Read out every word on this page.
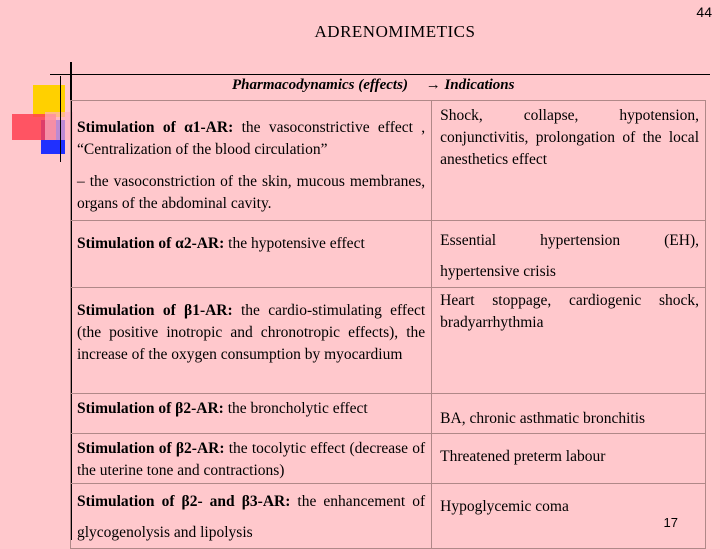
44
ADRENOMIMETICS
Pharmacodynamics (effects) → Indications
Stimulation of α1-AR: the vasoconstrictive effect , “Centralization of the blood circulation”
– the vasoconstriction of the skin, mucous membranes, organs of the abdominal cavity.	Shock, collapse, hypotension, conjunctivitis, prolongation of the local anesthetics effect
Stimulation of α2-AR: the hypotensive effect	Essential hypertension (EH), hypertensive crisis
Stimulation of β1-AR: the cardio-stimulating effect (the positive inotropic and chronotropic effects), the increase of the oxygen consumption by myocardium	Heart stoppage, cardiogenic shock, bradyarrhythmia
Stimulation of β2-AR: the broncholytic effect	BA, chronic asthmatic bronchitis
Stimulation of β2-AR: the tocolytic effect (decrease of the uterine tone and contractions)	Threatened preterm labour
Stimulation of β2- and β3-AR: the enhancement of glycogenolysis and lipolysis	Hypoglycemic coma
17
